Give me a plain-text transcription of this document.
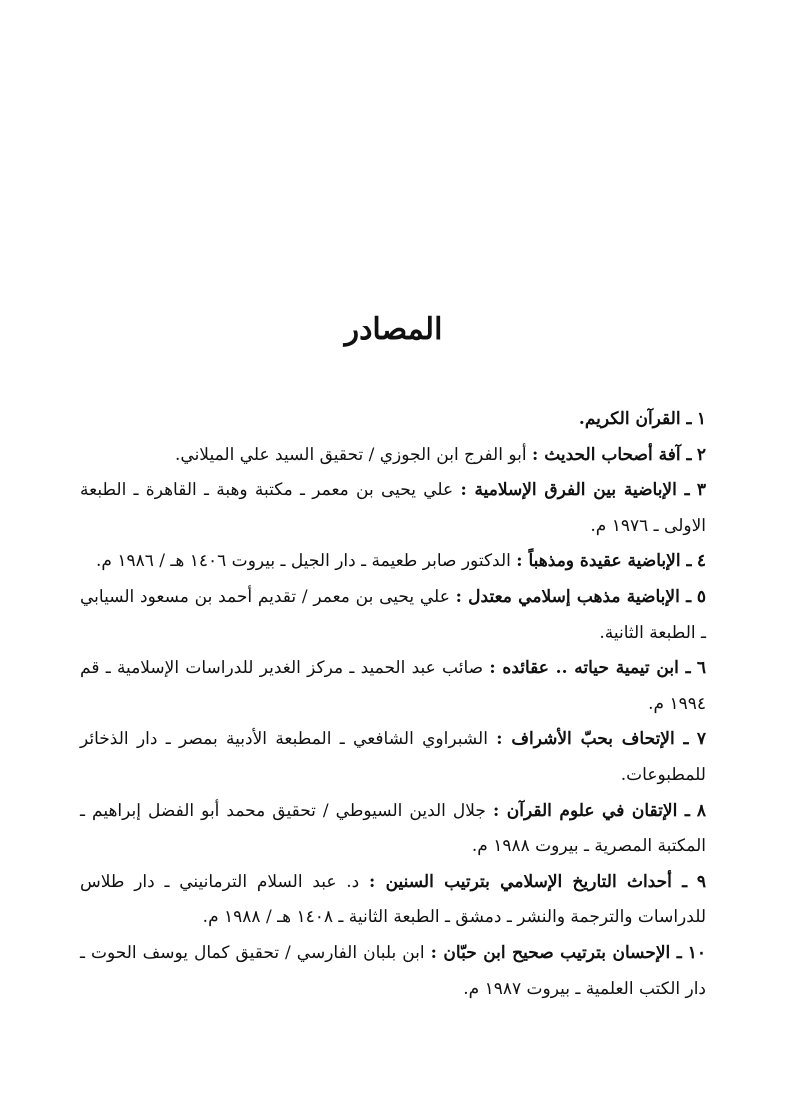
المصادر
١ ـ القرآن الكريم.
٢ ـ آفة أصحاب الحديث : أبو الفرج ابن الجوزي / تحقيق السيد علي الميلاني.
٣ ـ الإباضية بين الفرق الإسلامية : علي يحيى بن معمر ـ مكتبة وهبة ـ القاهرة ـ الطبعة الاولى ـ ١٩٧٦ م.
٤ ـ الإباضية عقيدة ومذهباً : الدكتور صابر طعيمة ـ دار الجيل ـ بيروت ١٤٠٦ هـ / ١٩٨٦ م.
٥ ـ الإباضية مذهب إسلامي معتدل : علي يحيى بن معمر / تقديم أحمد بن مسعود السيابي ـ الطبعة الثانية.
٦ ـ ابن تيمية حياته .. عقائده : صائب عبد الحميد ـ مركز الغدير للدراسات الإسلامية ـ قم ١٩٩٤ م.
٧ ـ الإتحاف بحبّ الأشراف : الشبراوي الشافعي ـ المطبعة الأدبية بمصر ـ دار الذخائر للمطبوعات.
٨ ـ الإتقان في علوم القرآن : جلال الدين السيوطي / تحقيق محمد أبو الفضل إبراهيم ـ المكتبة المصرية ـ بيروت ١٩٨٨ م.
٩ ـ أحداث التاريخ الإسلامي بترتيب السنين : د. عبد السلام الترمانيني ـ دار طلاس للدراسات والترجمة والنشر ـ دمشق ـ الطبعة الثانية ـ ١٤٠٨ هـ / ١٩٨٨ م.
١٠ ـ الإحسان بترتيب صحيح ابن حبّان : ابن بلبان الفارسي / تحقيق كمال يوسف الحوت ـ دار الكتب العلمية ـ بيروت ١٩٨٧ م.
